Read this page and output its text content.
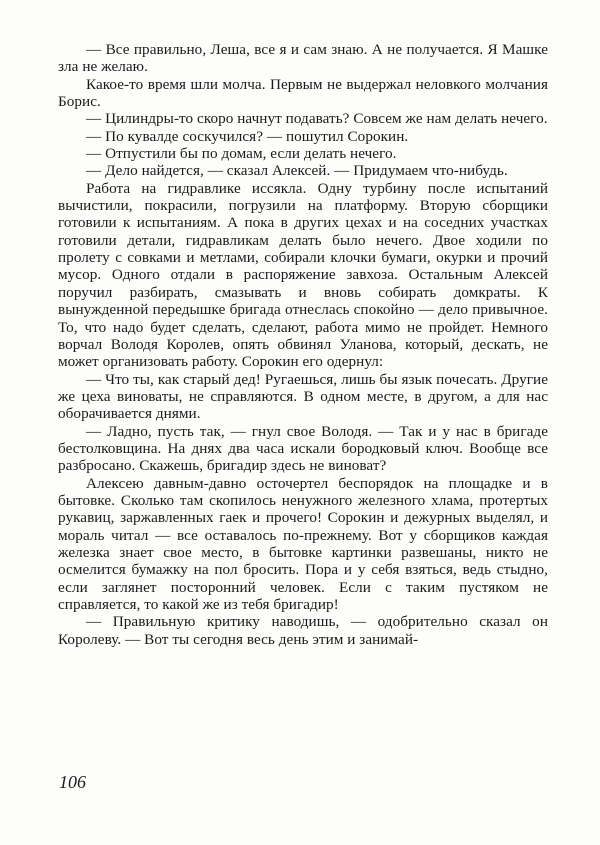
— Все правильно, Леша, все я и сам знаю. А не получается. Я Машке зла не желаю.

Какое-то время шли молча. Первым не выдержал неловкого молчания Борис.

— Цилиндры-то скоро начнут подавать? Совсем же нам делать нечего.

— По кувалде соскучился? — пошутил Сорокин.

— Отпустили бы по домам, если делать нечего.

— Дело найдется, — сказал Алексей. — Придумаем что-нибудь.

Работа на гидравлике иссякла. Одну турбину после испытаний вычистили, покрасили, погрузили на платформу. Вторую сборщики готовили к испытаниям. А пока в других цехах и на соседних участках готовили детали, гидравликам делать было нечего. Двое ходили по пролету с совками и метлами, собирали клочки бумаги, окурки и прочий мусор. Одного отдали в распоряжение завхоза. Остальным Алексей поручил разбирать, смазывать и вновь собирать домкраты. К вынужденной передышке бригада отнеслась спокойно — дело привычное. То, что надо будет сделать, сделают, работа мимо не пройдет. Немного ворчал Володя Королев, опять обвинял Уланова, который, дескать, не может организовать работу. Сорокин его одернул:

— Что ты, как старый дед! Ругаешься, лишь бы язык почесать. Другие же цеха виноваты, не справляются. В одном месте, в другом, а для нас оборачивается днями.

— Ладно, пусть так, — гнул свое Володя. — Так и у нас в бригаде бестолковщина. На днях два часа искали бородковый ключ. Вообще все разбросано. Скажешь, бригадир здесь не виноват?

Алексею давным-давно осточертел беспорядок на площадке и в бытовке. Сколько там скопилось ненужного железного хлама, протертых рукавиц, заржавленных гаек и прочего! Сорокин и дежурных выделял, и мораль читал — все оставалось по-прежнему. Вот у сборщиков каждая железка знает свое место, в бытовке картинки развешаны, никто не осмелится бумажку на пол бросить. Пора и у себя взяться, ведь стыдно, если заглянет посторонний человек. Если с таким пустяком не справляется, то какой же из тебя бригадир!

— Правильную критику наводишь, — одобрительно сказал он Королеву. — Вот ты сегодня весь день этим и занимай-

106
